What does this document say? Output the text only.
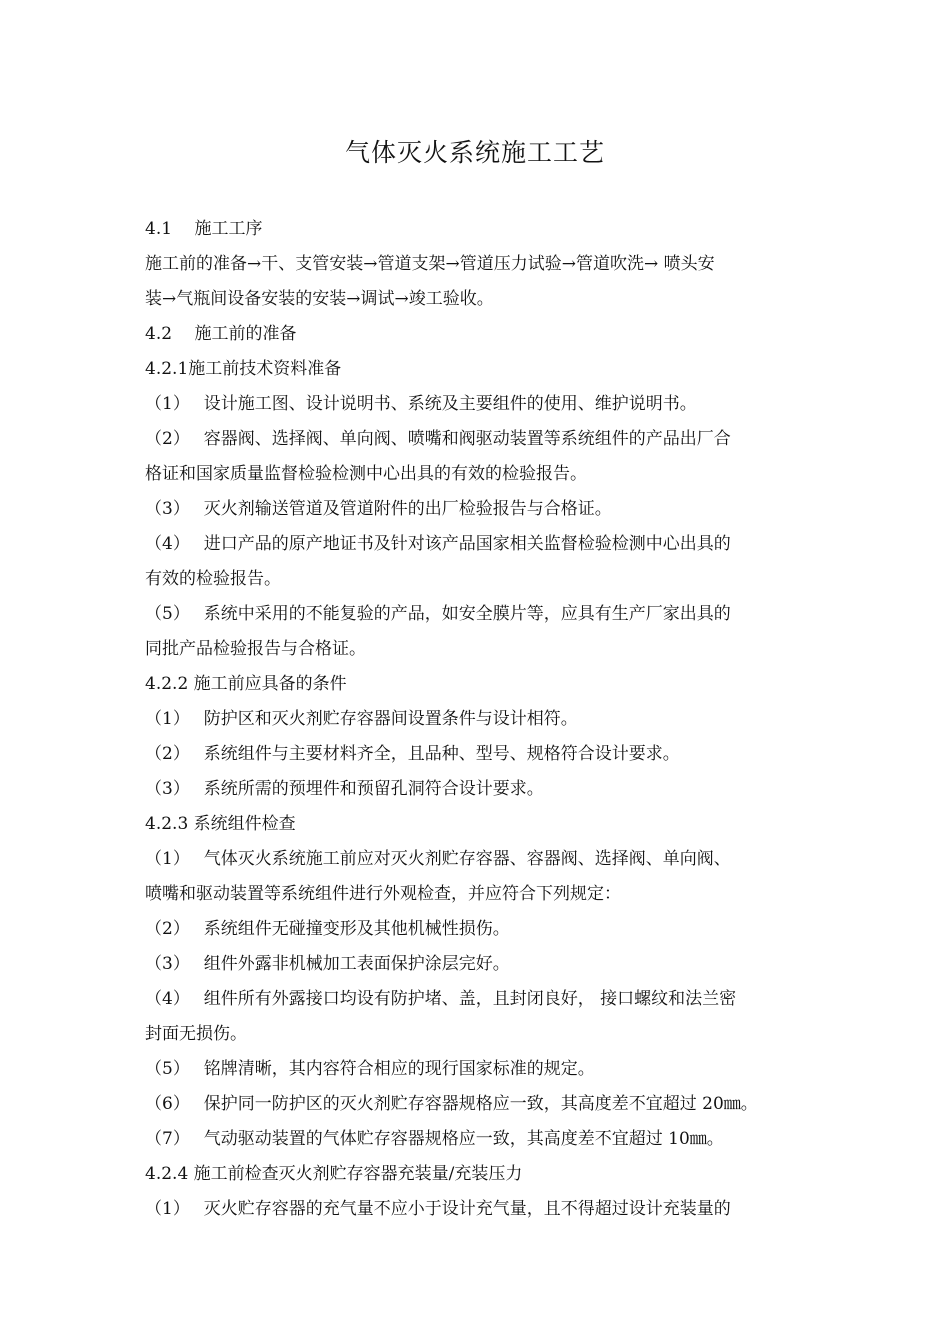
气体灭火系统施工工艺
4.1　 施工工序
施工前的准备→干、支管安装→管道支架→管道压力试验→管道吹洗→ 喷头安
装→气瓶间设备安装的安装→调试→竣工验收。
4.2　 施工前的准备
4.2.1施工前技术资料准备
（1）　 设计施工图、设计说明书、系统及主要组件的使用、维护说明书。
（2）　 容器阀、选择阀、单向阀、喷嘴和阀驱动装置等系统组件的产品出厂合
格证和国家质量监督检验检测中心出具的有效的检验报告。
（3）　 灭火剂输送管道及管道附件的出厂检验报告与合格证。
（4）　 进口产品的原产地证书及针对该产品国家相关监督检验检测中心出具的
有效的检验报告。
（5）　 系统中采用的不能复验的产品，如安全膜片等，应具有生产厂家出具的
同批产品检验报告与合格证。
4.2.2 施工前应具备的条件
（1）　 防护区和灭火剂贮存容器间设置条件与设计相符。
（2）　 系统组件与主要材料齐全，且品种、型号、规格符合设计要求。
（3）　 系统所需的预埋件和预留孔洞符合设计要求。
4.2.3 系统组件检查
（1）　 气体灭火系统施工前应对灭火剂贮存容器、容器阀、选择阀、单向阀、
喷嘴和驱动装置等系统组件进行外观检查，并应符合下列规定：
（2）　 系统组件无碰撞变形及其他机械性损伤。
（3）　 组件外露非机械加工表面保护涂层完好。
（4）　 组件所有外露接口均设有防护堵、盖，且封闭良好， 接口螺纹和法兰密
封面无损伤。
（5）　 铭牌清晰，其内容符合相应的现行国家标准的规定。
（6）　 保护同一防护区的灭火剂贮存容器规格应一致，其高度差不宜超过 20㎜。
（7）　 气动驱动装置的气体贮存容器规格应一致，其高度差不宜超过 10㎜。
4.2.4 施工前检查灭火剂贮存容器充装量/充装压力
（1）　 灭火贮存容器的充气量不应小于设计充气量，且不得超过设计充装量的
